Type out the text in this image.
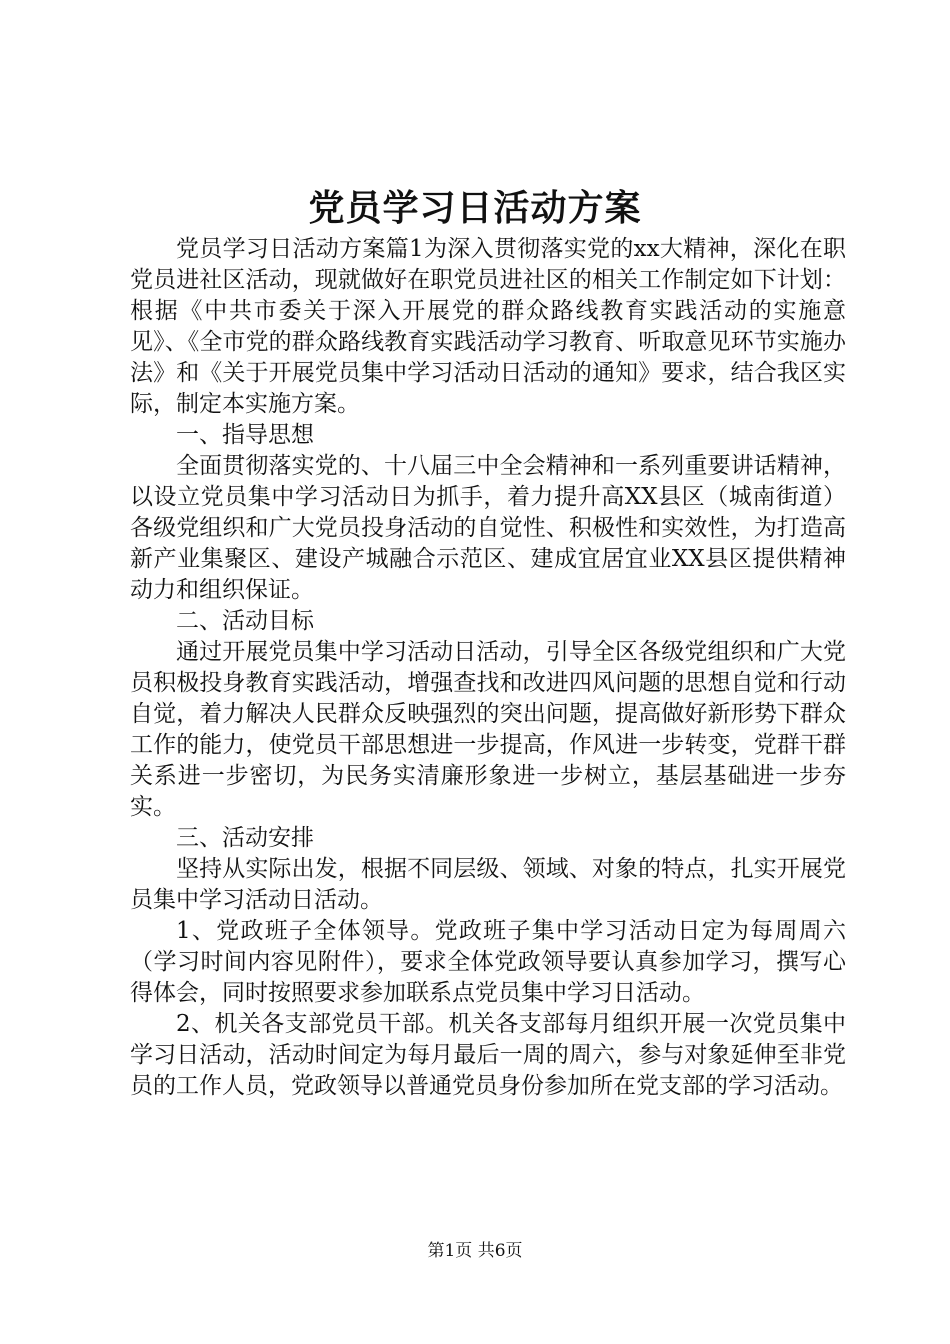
党员学习日活动方案

党员学习日活动方案篇1为深入贯彻落实党的xx大精神，深化在职党员进社区活动，现就做好在职党员进社区的相关工作制定如下计划：根据《中共市委关于深入开展党的群众路线教育实践活动的实施意见》、《全市党的群众路线教育实践活动学习教育、听取意见环节实施办法》和《关于开展党员集中学习活动日活动的通知》要求，结合我区实际，制定本实施方案。

一、指导思想

全面贯彻落实党的、十八届三中全会精神和一系列重要讲话精神，以设立党员集中学习活动日为抓手，着力提升高XX县区（城南街道）各级党组织和广大党员投身活动的自觉性、积极性和实效性，为打造高新产业集聚区、建设产城融合示范区、建成宜居宜业XX县区提供精神动力和组织保证。

二、活动目标

通过开展党员集中学习活动日活动，引导全区各级党组织和广大党员积极投身教育实践活动，增强查找和改进四风问题的思想自觉和行动自觉，着力解决人民群众反映强烈的突出问题，提高做好新形势下群众工作的能力，使党员干部思想进一步提高，作风进一步转变，党群干群关系进一步密切，为民务实清廉形象进一步树立，基层基础进一步夯实。

三、活动安排

坚持从实际出发，根据不同层级、领域、对象的特点，扎实开展党员集中学习活动日活动。

1、党政班子全体领导。党政班子集中学习活动日定为每周周六（学习时间内容见附件），要求全体党政领导要认真参加学习，撰写心得体会，同时按照要求参加联系点党员集中学习日活动。

2、机关各支部党员干部。机关各支部每月组织开展一次党员集中学习日活动，活动时间定为每月最后一周的周六，参与对象延伸至非党员的工作人员，党政领导以普通党员身份参加所在党支部的学习活动。

第1页 共6页
